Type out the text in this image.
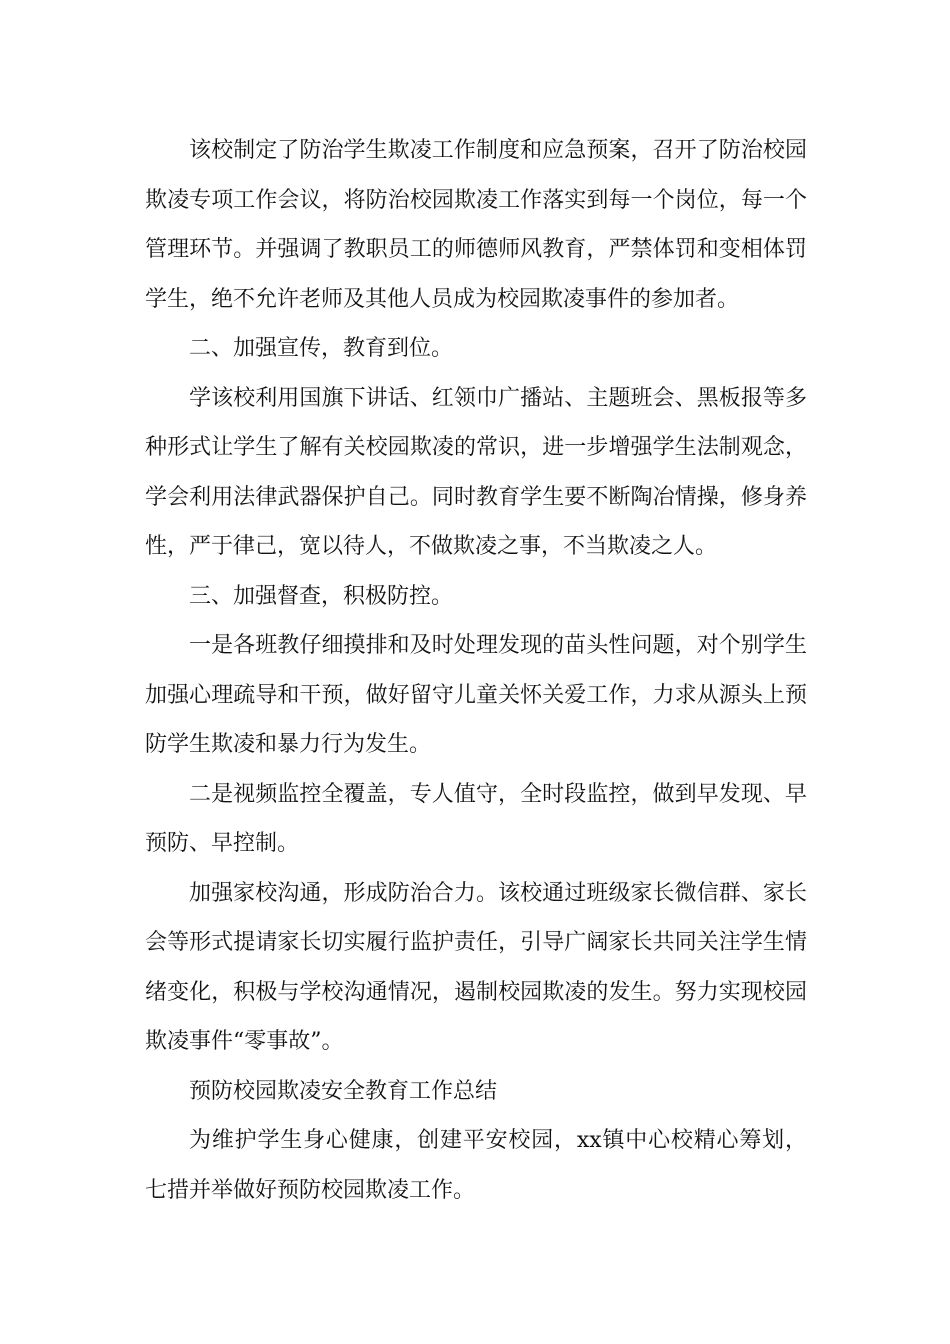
该校制定了防治学生欺凌工作制度和应急预案，召开了防治校园欺凌专项工作会议，将防治校园欺凌工作落实到每一个岗位，每一个管理环节。并强调了教职员工的师德师风教育，严禁体罚和变相体罚学生，绝不允许老师及其他人员成为校园欺凌事件的参加者。

二、加强宣传，教育到位。

学该校利用国旗下讲话、红领巾广播站、主题班会、黑板报等多种形式让学生了解有关校园欺凌的常识，进一步增强学生法制观念，学会利用法律武器保护自己。同时教育学生要不断陶冶情操，修身养性，严于律己，宽以待人，不做欺凌之事，不当欺凌之人。

三、加强督查，积极防控。

一是各班教仔细摸排和及时处理发现的苗头性问题，对个别学生加强心理疏导和干预，做好留守儿童关怀关爱工作，力求从源头上预防学生欺凌和暴力行为发生。

二是视频监控全覆盖，专人值守，全时段监控，做到早发现、早预防、早控制。

加强家校沟通，形成防治合力。该校通过班级家长微信群、家长会等形式提请家长切实履行监护责任，引导广阔家长共同关注学生情绪变化，积极与学校沟通情况，遏制校园欺凌的发生。努力实现校园欺凌事件“零事故”。

预防校园欺凌安全教育工作总结

为维护学生身心健康，创建平安校园，xx镇中心校精心筹划，七措并举做好预防校园欺凌工作。
